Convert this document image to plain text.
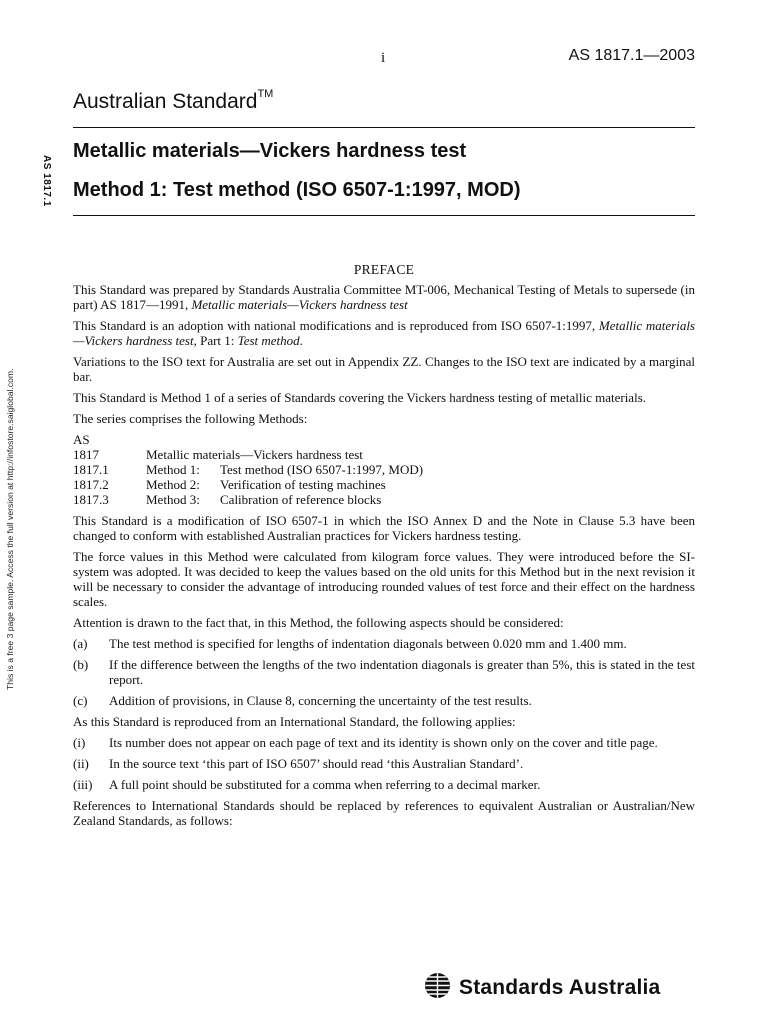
i	AS 1817.1—2003
Australian Standard™
Metallic materials—Vickers hardness test
Method 1: Test method (ISO 6507-1:1997, MOD)
AS 1817.1
This is a free 3 page sample. Access the full version at http://infostore.saiglobal.com.

PREFACE

This Standard was prepared by Standards Australia Committee MT-006, Mechanical Testing of Metals to supersede (in part) AS 1817—1991, Metallic materials—Vickers hardness test

This Standard is an adoption with national modifications and is reproduced from ISO 6507-1:1997, Metallic materials—Vickers hardness test, Part 1: Test method.

Variations to the ISO text for Australia are set out in Appendix ZZ. Changes to the ISO text are indicated by a marginal bar.

This Standard is Method 1 of a series of Standards covering the Vickers hardness testing of metallic materials.

The series comprises the following Methods:

AS
1817	Metallic materials—Vickers hardness test
1817.1	Method 1:	Test method (ISO 6507-1:1997, MOD)
1817.2	Method 2:	Verification of testing machines
1817.3	Method 3:	Calibration of reference blocks

This Standard is a modification of ISO 6507-1 in which the ISO Annex D and the Note in Clause 5.3 have been changed to conform with established Australian practices for Vickers hardness testing.

The force values in this Method were calculated from kilogram force values. They were introduced before the SI-system was adopted. It was decided to keep the values based on the old units for this Method but in the next revision it will be necessary to consider the advantage of introducing rounded values of test force and their effect on the hardness scales.

Attention is drawn to the fact that, in this Method, the following aspects should be considered:

(a)	The test method is specified for lengths of indentation diagonals between 0.020 mm and 1.400 mm.
(b)	If the difference between the lengths of the two indentation diagonals is greater than 5%, this is stated in the test report.
(c)	Addition of provisions, in Clause 8, concerning the uncertainty of the test results.

As this Standard is reproduced from an International Standard, the following applies:

(i)	Its number does not appear on each page of text and its identity is shown only on the cover and title page.
(ii)	In the source text ‘this part of ISO 6507’ should read ‘this Australian Standard’.
(iii)	A full point should be substituted for a comma when referring to a decimal marker.

References to International Standards should be replaced by references to equivalent Australian or Australian/New Zealand Standards, as follows:

Standards Australia
